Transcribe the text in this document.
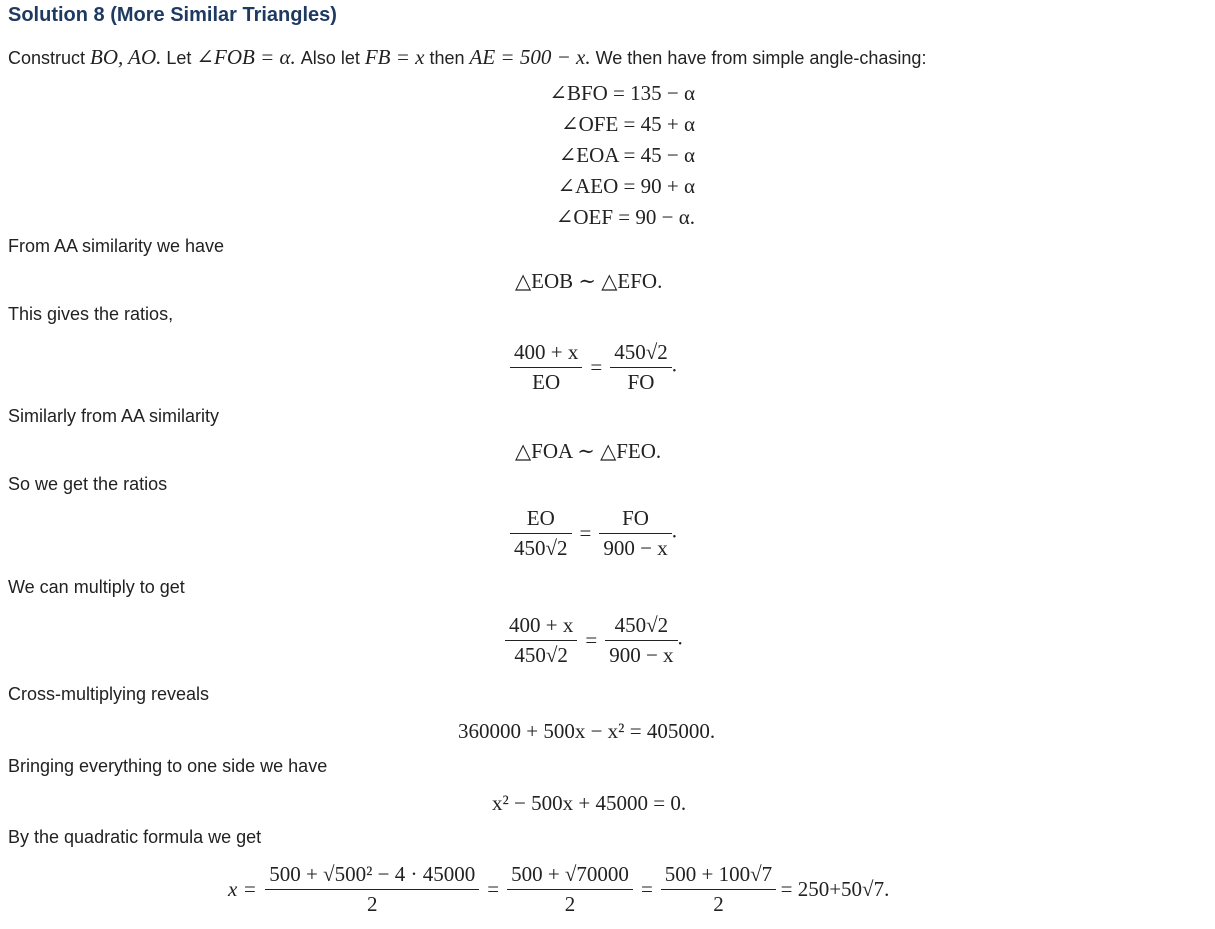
Solution 8 (More Similar Triangles)
Construct BO, AO. Let ∠FOB = α. Also let FB = x then AE = 500 − x. We then have from simple angle-chasing:
∠BFO = 135 − α
∠OFE = 45 + α
∠EOA = 45 − α
∠AEO = 90 + α
∠OEF = 90 − α.
From AA similarity we have
△EOB ∼ △EFO.
This gives the ratios,
$\frac{400 + x}{EO} = \frac{450√2}{FO}$ .
Similarly from AA similarity
△FOA ∼ △FEO.
So we get the ratios
$\frac{EO}{450√2} = \frac{FO}{900 - x}$ .
We can multiply to get
$\frac{400 + x}{450√2} = \frac{450√2}{900 - x}$ .
Cross-multiplying reveals
360000 + 500x − x² = 405000.
Bringing everything to one side we have
x² − 500x + 45000 = 0.
By the quadratic formula we get
$x = \frac{\text{500 + √500² − 4 · 45000}}{2} = \frac{500 + √70000}{2} = \frac{500 + 100√7}{2} = 250+50√7$.
